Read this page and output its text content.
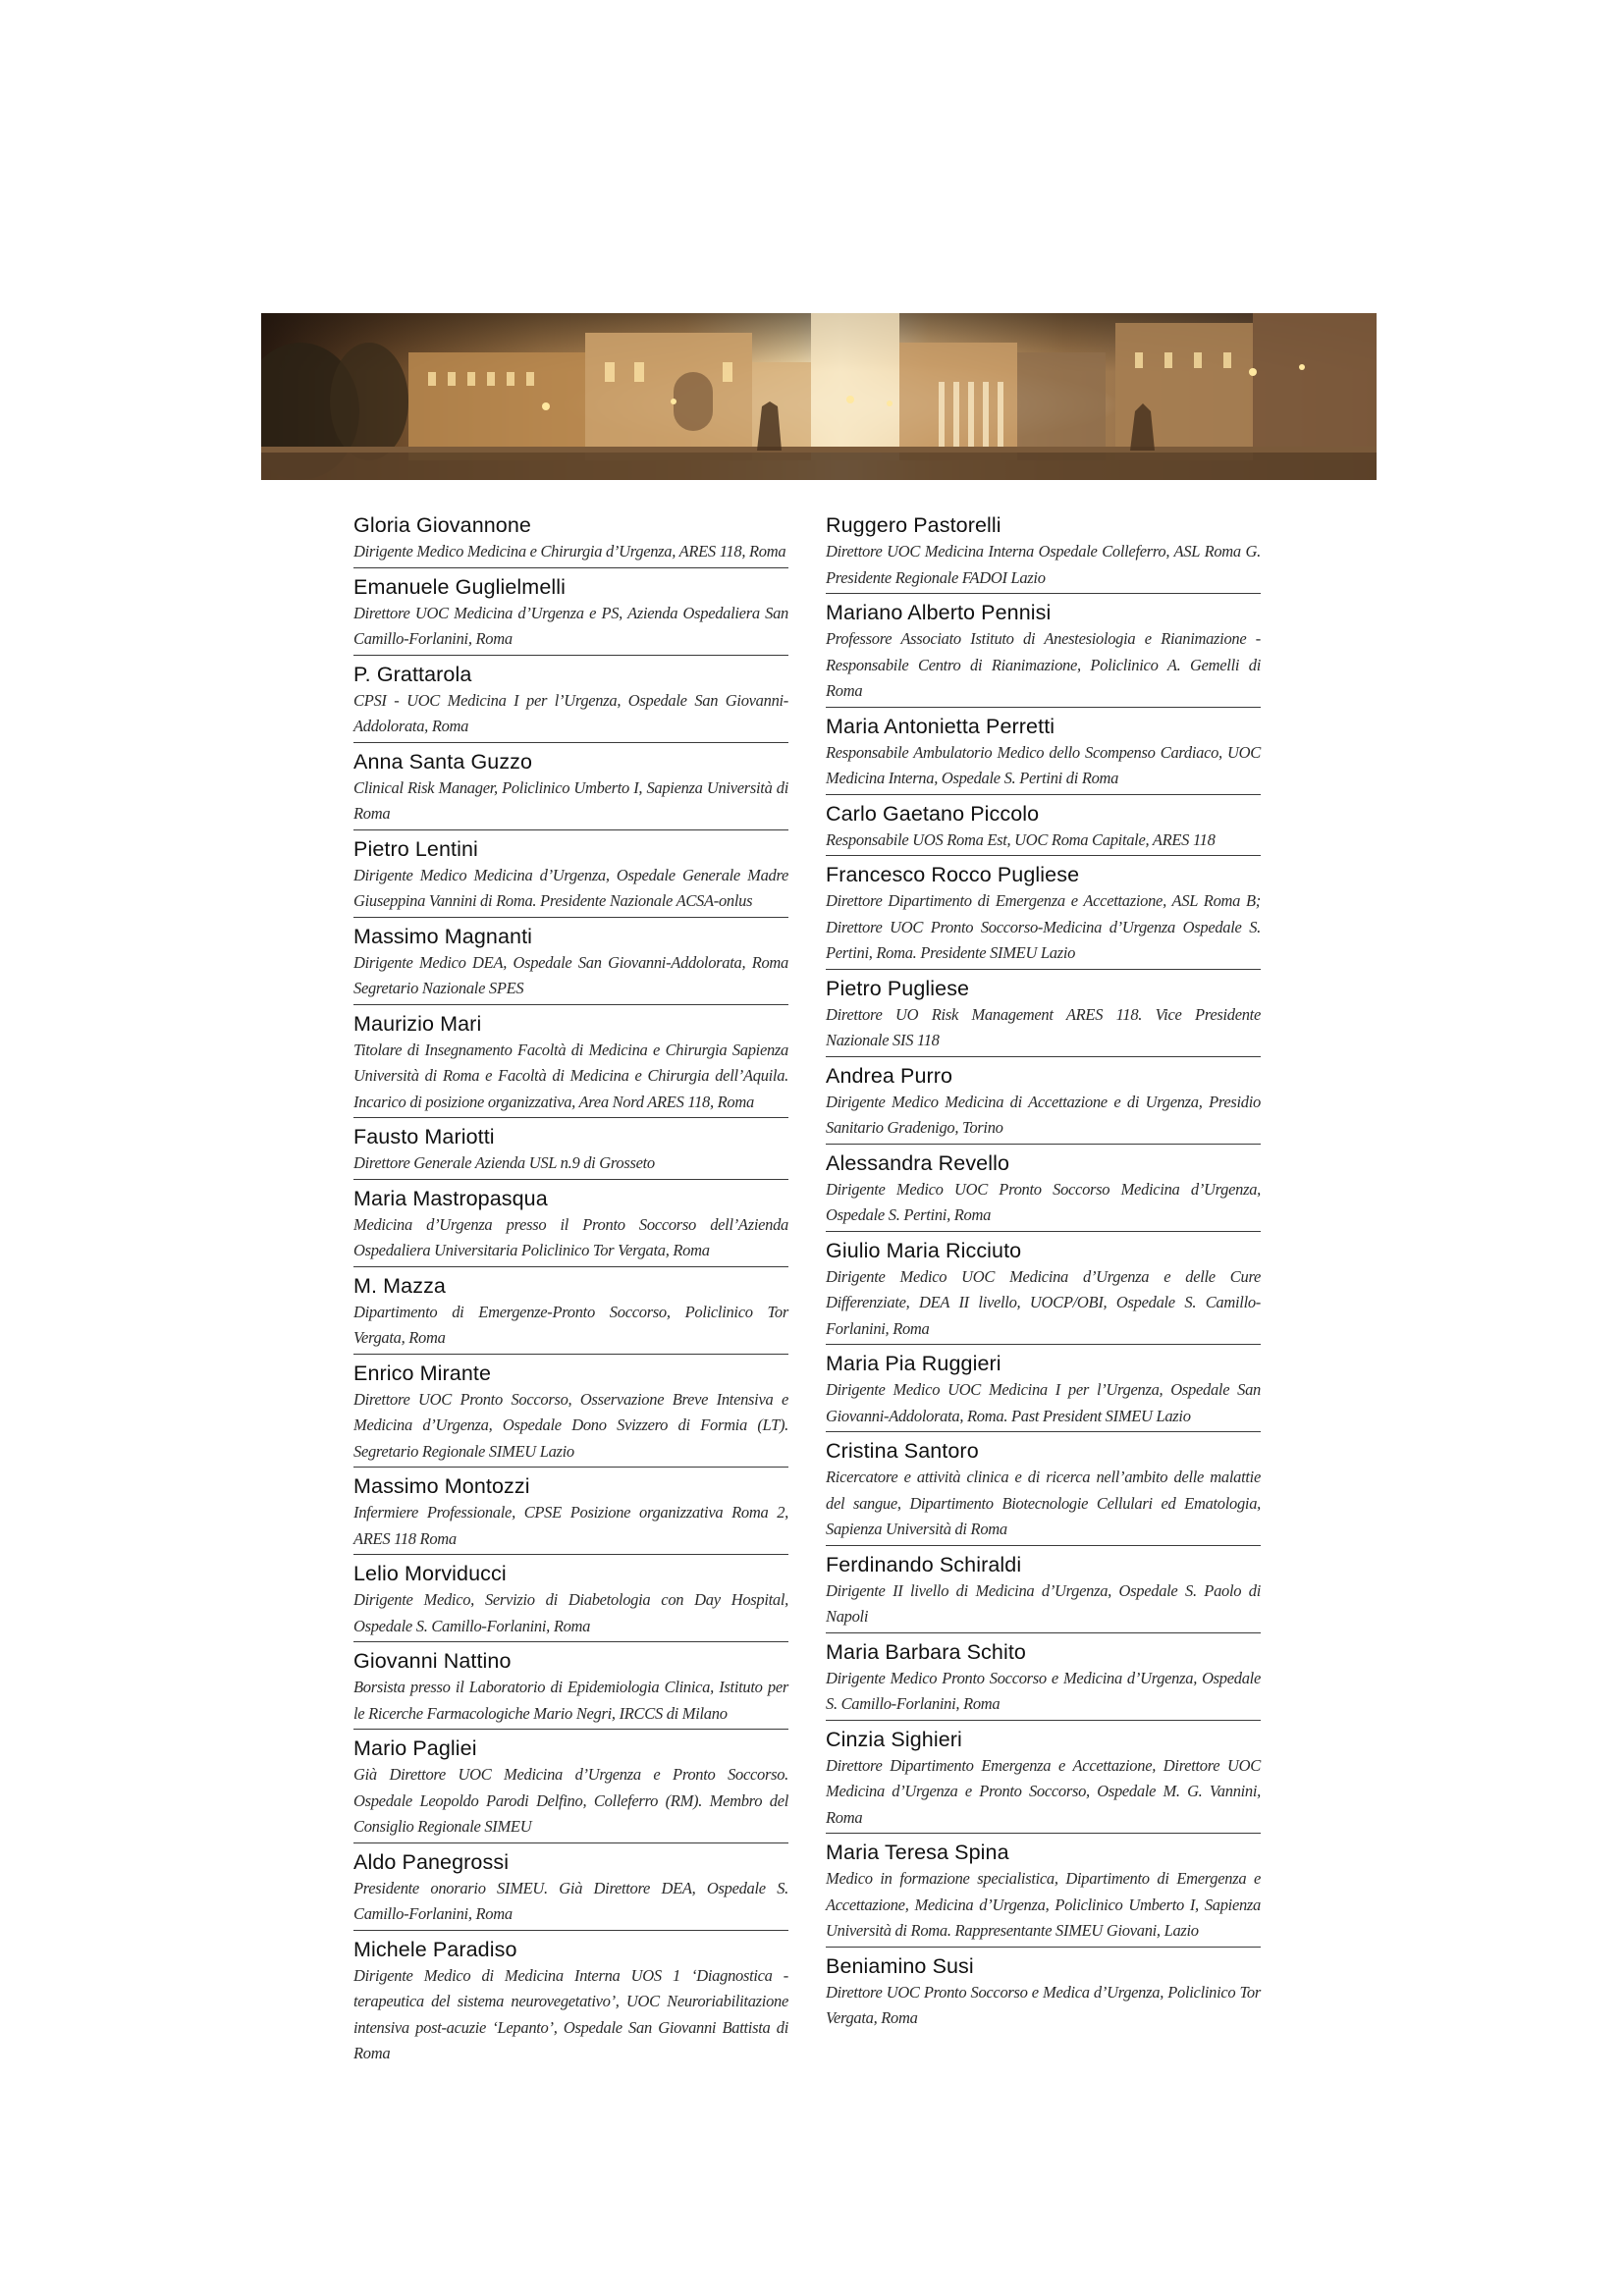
Gloria Giovannone
Dirigente Medico Medicina e Chirurgia d’Urgenza, ARES 118, Roma
Emanuele Guglielmelli
Direttore UOC Medicina d’Urgenza e PS, Azienda Ospedaliera San Camillo-Forlanini, Roma
P. Grattarola
CPSI - UOC Medicina I per l’Urgenza, Ospedale San Giovanni-Addolorata, Roma
Anna Santa Guzzo
Clinical Risk Manager, Policlinico Umberto I, Sapienza Università di Roma
Pietro Lentini
Dirigente Medico Medicina d’Urgenza, Ospedale Generale Madre Giuseppina Vannini di Roma. Presidente Nazionale ACSA-onlus
Massimo Magnanti
Dirigente Medico DEA, Ospedale San Giovanni-Addolorata, Roma Segretario Nazionale SPES
Maurizio Mari
Titolare di Insegnamento Facoltà di Medicina e Chirurgia Sapienza Università di Roma e Facoltà di Medicina e Chirurgia dell’Aquila. Incarico di posizione organizzativa, Area Nord ARES 118, Roma
Fausto Mariotti
Direttore Generale Azienda USL n.9 di Grosseto
Maria Mastropasqua
Medicina d’Urgenza presso il Pronto Soccorso dell’Azienda Ospedaliera Universitaria Policlinico Tor Vergata, Roma
M. Mazza
Dipartimento di Emergenze-Pronto Soccorso, Policlinico Tor Vergata, Roma
Enrico Mirante
Direttore UOC Pronto Soccorso, Osservazione Breve Intensiva e Medicina d’Urgenza, Ospedale Dono Svizzero di Formia (LT). Segretario Regionale SIMEU Lazio
Massimo Montozzi
Infermiere Professionale, CPSE Posizione organizzativa Roma 2, ARES 118 Roma
Lelio Morviducci
Dirigente Medico, Servizio di Diabetologia con Day Hospital, Ospedale S. Camillo-Forlanini, Roma
Giovanni Nattino
Borsista presso il Laboratorio di Epidemiologia Clinica, Istituto per le Ricerche Farmacologiche Mario Negri, IRCCS di Milano
Mario Pagliei
Già Direttore UOC Medicina d’Urgenza e Pronto Soccorso. Ospedale Leopoldo Parodi Delfino, Colleferro (RM). Membro del Consiglio Regionale SIMEU
Aldo Panegrossi
Presidente onorario SIMEU. Già Direttore DEA, Ospedale S. Camillo-Forlanini, Roma
Michele Paradiso
Dirigente Medico di Medicina Interna UOS 1 ‘Diagnostica - terapeutica del sistema neurovegetativo’, UOC Neuroriabilitazione intensiva post-acuzie ‘Lepanto’, Ospedale San Giovanni Battista di Roma
Ruggero Pastorelli
Direttore UOC Medicina Interna Ospedale Colleferro, ASL Roma G. Presidente Regionale FADOI Lazio
Mariano Alberto Pennisi
Professore Associato Istituto di Anestesiologia e Rianimazione - Responsabile Centro di Rianimazione, Policlinico A. Gemelli di Roma
Maria Antonietta Perretti
Responsabile Ambulatorio Medico dello Scompenso Cardiaco, UOC Medicina Interna, Ospedale S. Pertini di Roma
Carlo Gaetano Piccolo
Responsabile UOS Roma Est, UOC Roma Capitale, ARES 118
Francesco Rocco Pugliese
Direttore Dipartimento di Emergenza e Accettazione, ASL Roma B; Direttore UOC Pronto Soccorso-Medicina d’Urgenza Ospedale S. Pertini, Roma. Presidente SIMEU Lazio
Pietro Pugliese
Direttore UO Risk Management ARES 118. Vice Presidente Nazionale SIS 118
Andrea Purro
Dirigente Medico Medicina di Accettazione e di Urgenza, Presidio Sanitario Gradenigo, Torino
Alessandra Revello
Dirigente Medico UOC Pronto Soccorso Medicina d’Urgenza, Ospedale S. Pertini, Roma
Giulio Maria Ricciuto
Dirigente Medico UOC Medicina d’Urgenza e delle Cure Differenziate, DEA II livello, UOCP/OBI, Ospedale S. Camillo-Forlanini, Roma
Maria Pia Ruggieri
Dirigente Medico UOC Medicina I per l’Urgenza, Ospedale San Giovanni-Addolorata, Roma. Past President SIMEU Lazio
Cristina Santoro
Ricercatore e attività clinica e di ricerca nell’ambito delle malattie del sangue, Dipartimento Biotecnologie Cellulari ed Ematologia, Sapienza Università di Roma
Ferdinando Schiraldi
Dirigente II livello di Medicina d’Urgenza, Ospedale S. Paolo di Napoli
Maria Barbara Schito
Dirigente Medico Pronto Soccorso e Medicina d’Urgenza, Ospedale S. Camillo-Forlanini, Roma
Cinzia Sighieri
Direttore Dipartimento Emergenza e Accettazione, Direttore UOC Medicina d’Urgenza e Pronto Soccorso, Ospedale M. G. Vannini, Roma
Maria Teresa Spina
Medico in formazione specialistica, Dipartimento di Emergenza e Accettazione, Medicina d’Urgenza, Policlinico Umberto I, Sapienza Università di Roma. Rappresentante SIMEU Giovani, Lazio
Beniamino Susi
Direttore UOC Pronto Soccorso e Medica d’Urgenza, Policlinico Tor Vergata, Roma
